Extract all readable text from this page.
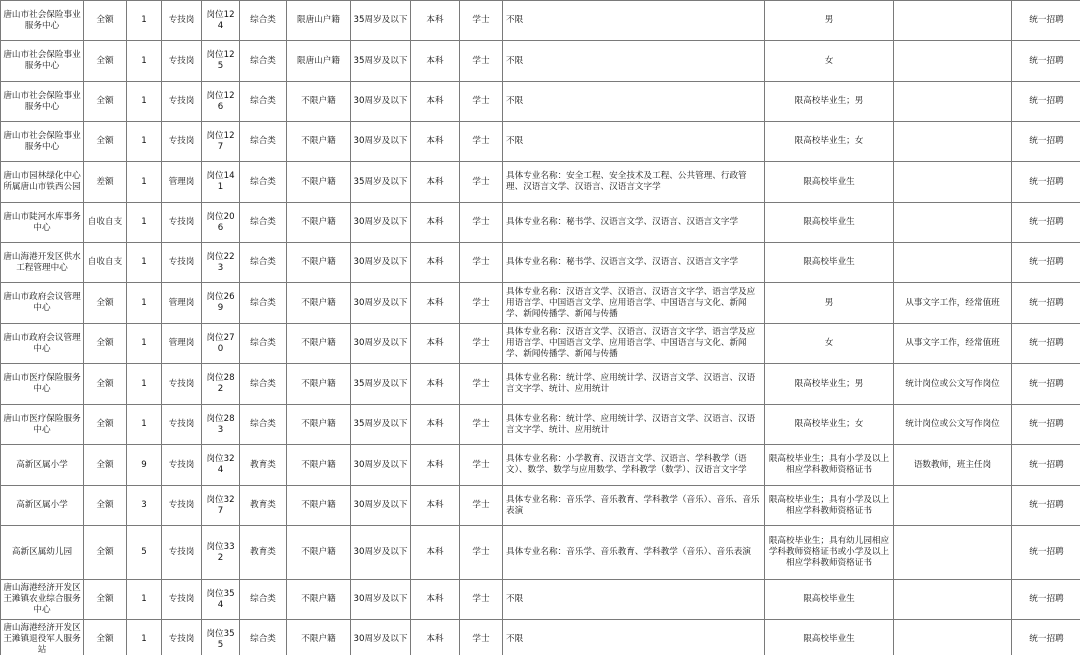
唐山市社会保险事业服务中心	全额	1	专技岗	岗位124	综合类	限唐山户籍	35周岁及以下	本科	学士	不限	男		统一招聘
唐山市社会保险事业服务中心	全额	1	专技岗	岗位125	综合类	限唐山户籍	35周岁及以下	本科	学士	不限	女		统一招聘
唐山市社会保险事业服务中心	全额	1	专技岗	岗位126	综合类	不限户籍	30周岁及以下	本科	学士	不限	限高校毕业生；男		统一招聘
唐山市社会保险事业服务中心	全额	1	专技岗	岗位127	综合类	不限户籍	30周岁及以下	本科	学士	不限	限高校毕业生；女		统一招聘
唐山市园林绿化中心所属唐山市铁西公园	差额	1	管理岗	岗位141	综合类	不限户籍	35周岁及以下	本科	学士	具体专业名称：安全工程、安全技术及工程、公共管理、行政管理、汉语言文学、汉语言、汉语言文字学	限高校毕业生		统一招聘
唐山市陡河水库事务中心	自收自支	1	专技岗	岗位206	综合类	不限户籍	30周岁及以下	本科	学士	具体专业名称：秘书学、汉语言文学、汉语言、汉语言文字学	限高校毕业生		统一招聘
唐山海港开发区供水工程管理中心	自收自支	1	专技岗	岗位223	综合类	不限户籍	30周岁及以下	本科	学士	具体专业名称：秘书学、汉语言文学、汉语言、汉语言文字学	限高校毕业生		统一招聘
唐山市政府会议管理中心	全额	1	管理岗	岗位269	综合类	不限户籍	30周岁及以下	本科	学士	具体专业名称：汉语言文学、汉语言、汉语言文字学、语言学及应用语言学、中国语言文学、应用语言学、中国语言与文化、新闻学、新闻传播学、新闻与传播	男	从事文字工作，经常值班	统一招聘
唐山市政府会议管理中心	全额	1	管理岗	岗位270	综合类	不限户籍	30周岁及以下	本科	学士	具体专业名称：汉语言文学、汉语言、汉语言文字学、语言学及应用语言学、中国语言文学、应用语言学、中国语言与文化、新闻学、新闻传播学、新闻与传播	女	从事文字工作，经常值班	统一招聘
唐山市医疗保险服务中心	全额	1	专技岗	岗位282	综合类	不限户籍	35周岁及以下	本科	学士	具体专业名称：统计学、应用统计学、汉语言文学、汉语言、汉语言文字学、统计、应用统计	限高校毕业生；男	统计岗位或公文写作岗位	统一招聘
唐山市医疗保险服务中心	全额	1	专技岗	岗位283	综合类	不限户籍	35周岁及以下	本科	学士	具体专业名称：统计学、应用统计学、汉语言文学、汉语言、汉语言文字学、统计、应用统计	限高校毕业生；女	统计岗位或公文写作岗位	统一招聘
高新区属小学	全额	9	专技岗	岗位324	教育类	不限户籍	30周岁及以下	本科	学士	具体专业名称：小学教育、汉语言文学、汉语言、学科教学（语文）、数学、数学与应用数学、学科教学（数学）、汉语言文字学	限高校毕业生；具有小学及以上相应学科教师资格证书	语数教师，班主任岗	统一招聘
高新区属小学	全额	3	专技岗	岗位327	教育类	不限户籍	30周岁及以下	本科	学士	具体专业名称：音乐学、音乐教育、学科教学（音乐）、音乐、音乐表演	限高校毕业生；具有小学及以上相应学科教师资格证书		统一招聘
高新区属幼儿园	全额	5	专技岗	岗位332	教育类	不限户籍	30周岁及以下	本科	学士	具体专业名称：音乐学、音乐教育、学科教学（音乐）、音乐表演	限高校毕业生；具有幼儿园相应学科教师资格证书或小学及以上相应学科教师资格证书		统一招聘
唐山海港经济开发区王滩镇农业综合服务中心	全额	1	专技岗	岗位354	综合类	不限户籍	30周岁及以下	本科	学士	不限	限高校毕业生		统一招聘
唐山海港经济开发区王滩镇退役军人服务站	全额	1	专技岗	岗位355	综合类	不限户籍	30周岁及以下	本科	学士	不限	限高校毕业生		统一招聘
